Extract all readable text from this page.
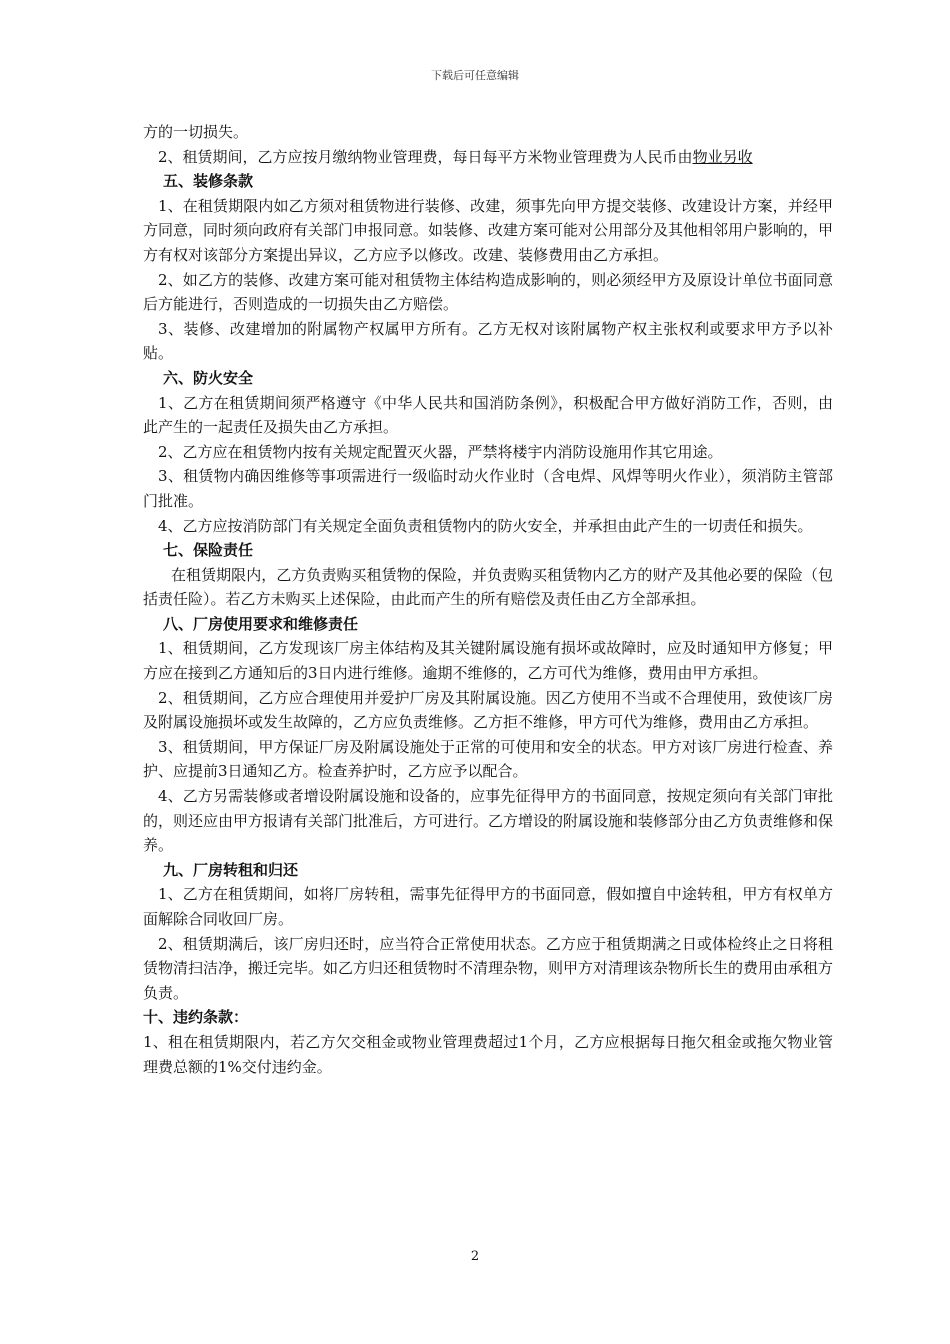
下载后可任意编辑

方的一切损失。

2、租赁期间，乙方应按月缴纳物业管理费，每日每平方米物业管理费为人民币由物业另收

五、装修条款

1、在租赁期限内如乙方须对租赁物进行装修、改建，须事先向甲方提交装修、改建设计方案，并经甲方同意，同时须向政府有关部门申报同意。如装修、改建方案可能对公用部分及其他相邻用户影响的，甲方有权对该部分方案提出异议，乙方应予以修改。改建、装修费用由乙方承担。

2、如乙方的装修、改建方案可能对租赁物主体结构造成影响的，则必须经甲方及原设计单位书面同意后方能进行，否则造成的一切损失由乙方赔偿。

3、装修、改建增加的附属物产权属甲方所有。乙方无权对该附属物产权主张权利或要求甲方予以补贴。

六、防火安全

1、乙方在租赁期间须严格遵守《中华人民共和国消防条例》，积极配合甲方做好消防工作，否则，由此产生的一起责任及损失由乙方承担。

2、乙方应在租赁物内按有关规定配置灭火器，严禁将楼宇内消防设施用作其它用途。

3、租赁物内确因维修等事项需进行一级临时动火作业时（含电焊、风焊等明火作业），须消防主管部门批准。

4、乙方应按消防部门有关规定全面负责租赁物内的防火安全，并承担由此产生的一切责任和损失。

七、保险责任

在租赁期限内，乙方负责购买租赁物的保险，并负责购买租赁物内乙方的财产及其他必要的保险（包括责任险）。若乙方未购买上述保险，由此而产生的所有赔偿及责任由乙方全部承担。

八、厂房使用要求和维修责任

1、租赁期间，乙方发现该厂房主体结构及其关键附属设施有损坏或故障时，应及时通知甲方修复；甲方应在接到乙方通知后的3日内进行维修。逾期不维修的，乙方可代为维修，费用由甲方承担。

2、租赁期间，乙方应合理使用并爱护厂房及其附属设施。因乙方使用不当或不合理使用，致使该厂房及附属设施损坏或发生故障的，乙方应负责维修。乙方拒不维修，甲方可代为维修，费用由乙方承担。

3、租赁期间，甲方保证厂房及附属设施处于正常的可使用和安全的状态。甲方对该厂房进行检查、养护、应提前3日通知乙方。检查养护时，乙方应予以配合。

4、乙方另需装修或者增设附属设施和设备的，应事先征得甲方的书面同意，按规定须向有关部门审批的，则还应由甲方报请有关部门批准后，方可进行。乙方增设的附属设施和装修部分由乙方负责维修和保养。

九、厂房转租和归还

1、乙方在租赁期间，如将厂房转租，需事先征得甲方的书面同意，假如擅自中途转租，甲方有权单方面解除合同收回厂房。

2、租赁期满后，该厂房归还时，应当符合正常使用状态。乙方应于租赁期满之日或体检终止之日将租赁物清扫洁净，搬迁完毕。如乙方归还租赁物时不清理杂物，则甲方对清理该杂物所长生的费用由承租方负责。

十、违约条款：

1、租在租赁期限内，若乙方欠交租金或物业管理费超过1个月，乙方应根据每日拖欠租金或拖欠物业管理费总额的1%交付违约金。

2
